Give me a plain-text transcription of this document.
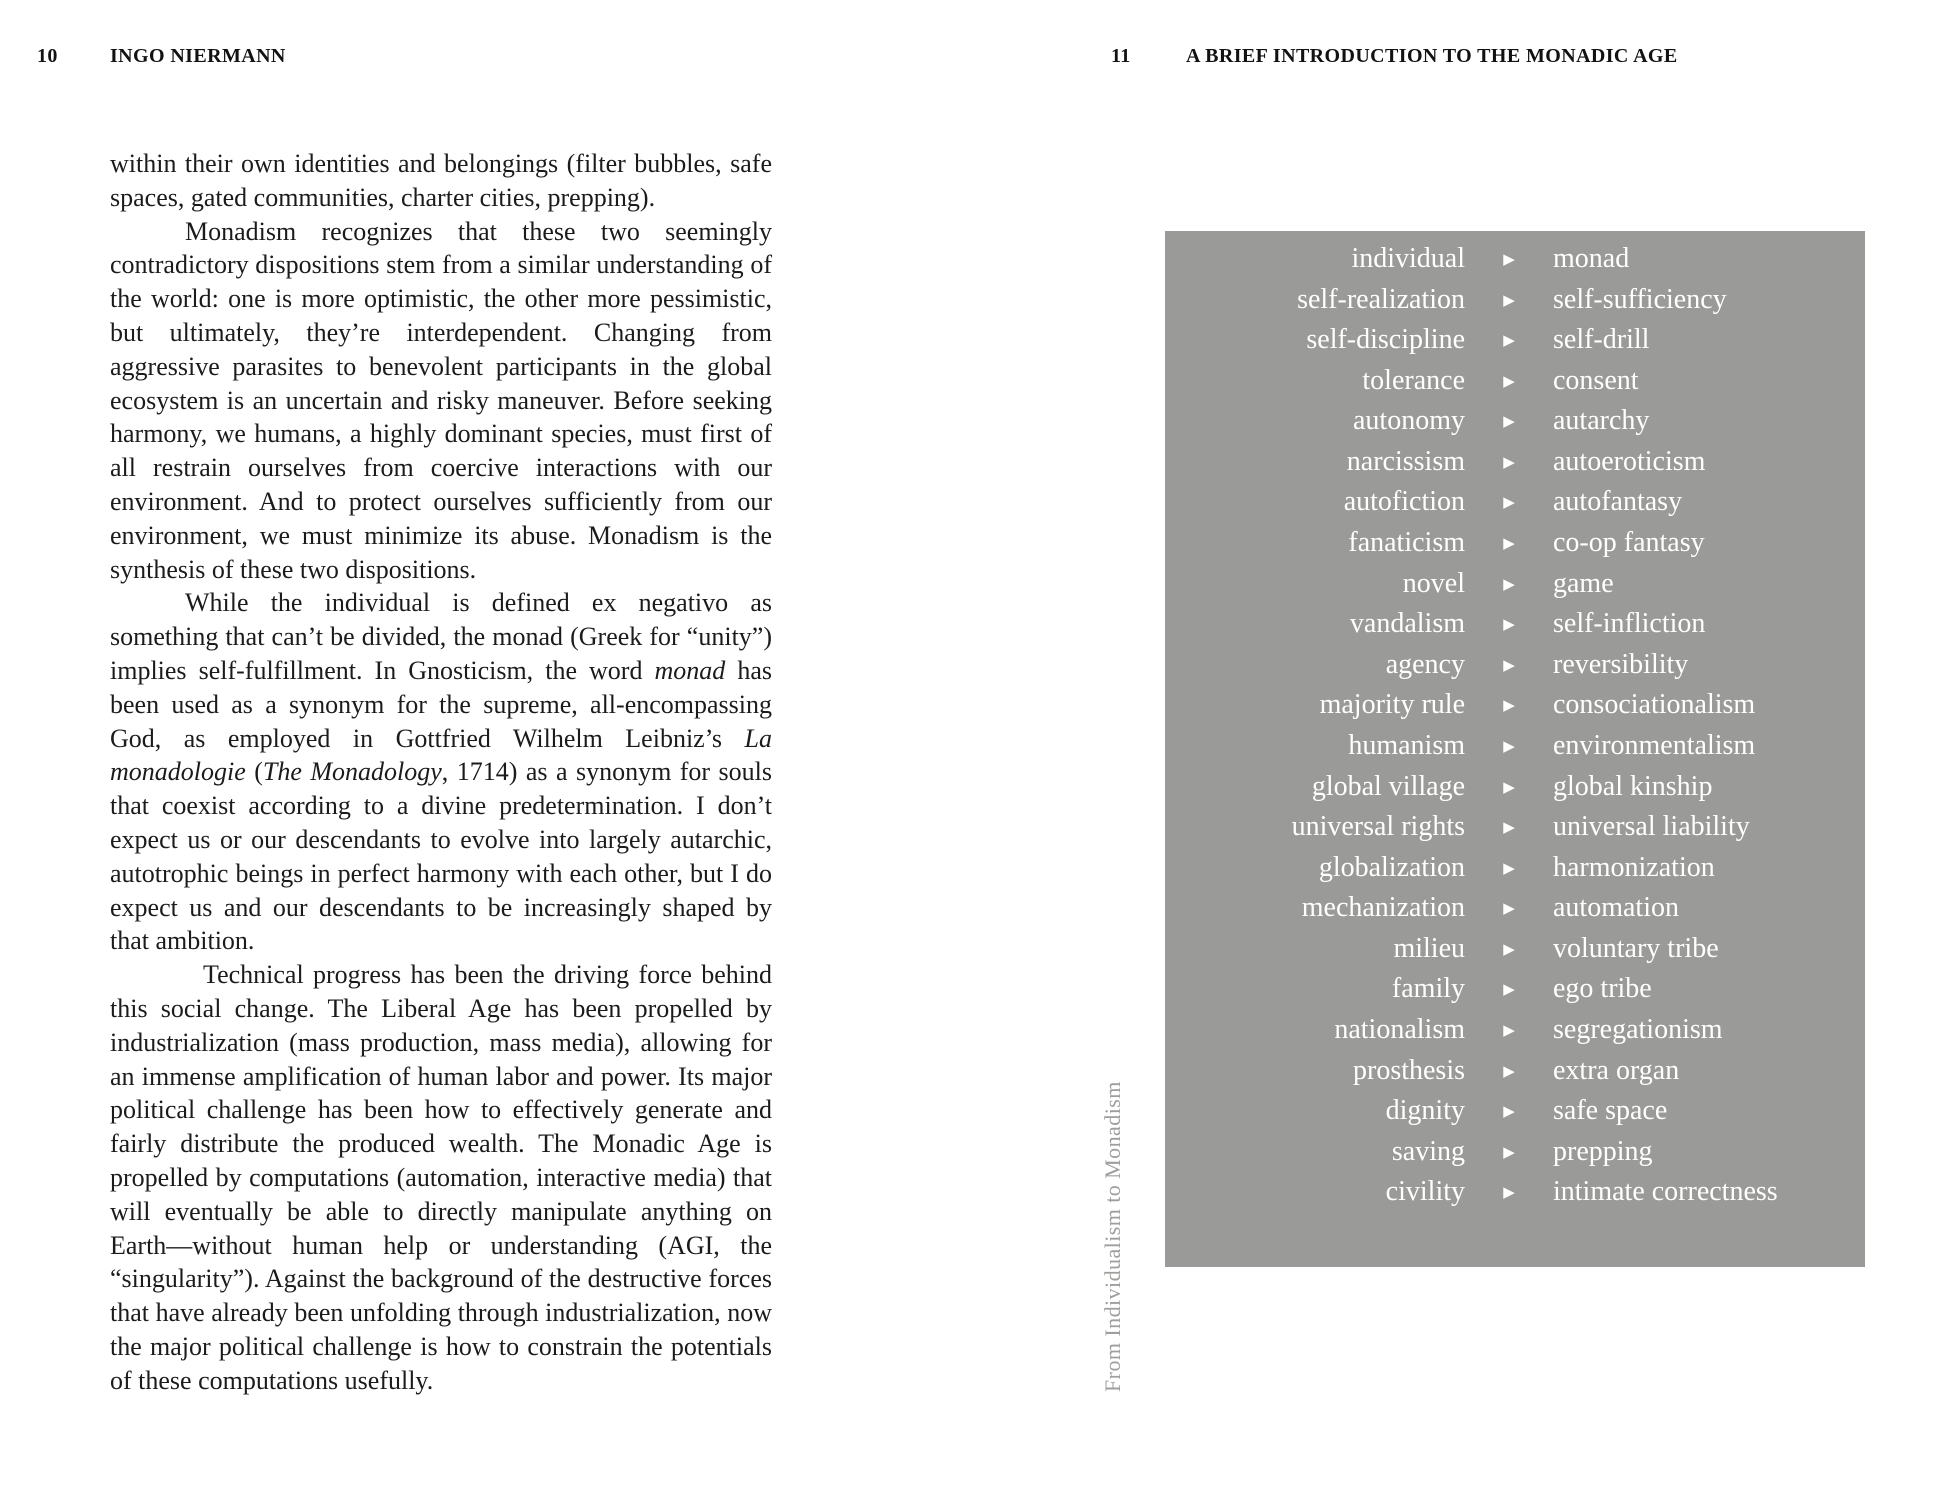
10	INGO NIERMANN	11	A BRIEF INTRODUCTION TO THE MONADIC AGE
within their own identities and belongings (filter bubbles, safe spaces, gated communities, charter cities, prepping).
Monadism recognizes that these two seemingly contradictory dispositions stem from a similar understanding of the world: one is more optimistic, the other more pessimistic, but ultimately, they’re interdependent. Changing from aggressive parasites to benevolent participants in the global ecosystem is an uncertain and risky maneuver. Before seeking harmony, we humans, a highly dominant species, must first of all restrain ourselves from coercive interactions with our environment. And to protect ourselves sufficiently from our environment, we must minimize its abuse. Monadism is the synthesis of these two dispositions.
While the individual is defined ex negativo as something that can’t be divided, the monad (Greek for “unity”) implies self-fulfillment. In Gnosticism, the word monad has been used as a synonym for the supreme, all-encompassing God, as employed in Gottfried Wilhelm Leibniz’s La monadologie (The Monadology, 1714) as a synonym for souls that coexist according to a divine predetermination. I don’t expect us or our descendants to evolve into largely autarchic, autotrophic beings in perfect harmony with each other, but I do expect us and our descendants to be increasingly shaped by that ambition.
Technical progress has been the driving force behind this social change. The Liberal Age has been propelled by industrialization (mass production, mass media), allowing for an immense amplification of human labor and power. Its major political challenge has been how to effectively generate and fairly distribute the produced wealth. The Monadic Age is propelled by computations (automation, interactive media) that will eventually be able to directly manipulate anything on Earth—without human help or understanding (AGI, the “singularity”). Against the background of the destructive forces that have already been unfolding through industrialization, now the major political challenge is how to constrain the potentials of these computations usefully.
individual	▶	monad
self-realization	▶	self-sufficiency
self-discipline	▶	self-drill
tolerance	▶	consent
autonomy	▶	autarchy
narcissism	▶	autoeroticism
autofiction	▶	autofantasy
fanaticism	▶	co-op fantasy
novel	▶	game
vandalism	▶	self-infliction
agency	▶	reversibility
majority rule	▶	consociationalism
humanism	▶	environmentalism
global village	▶	global kinship
universal rights	▶	universal liability
globalization	▶	harmonization
mechanization	▶	automation
milieu	▶	voluntary tribe
family	▶	ego tribe
nationalism	▶	segregationism
prosthesis	▶	extra organ
dignity	▶	safe space
saving	▶	prepping
civility	▶	intimate correctness
From Individualism to Monadism
